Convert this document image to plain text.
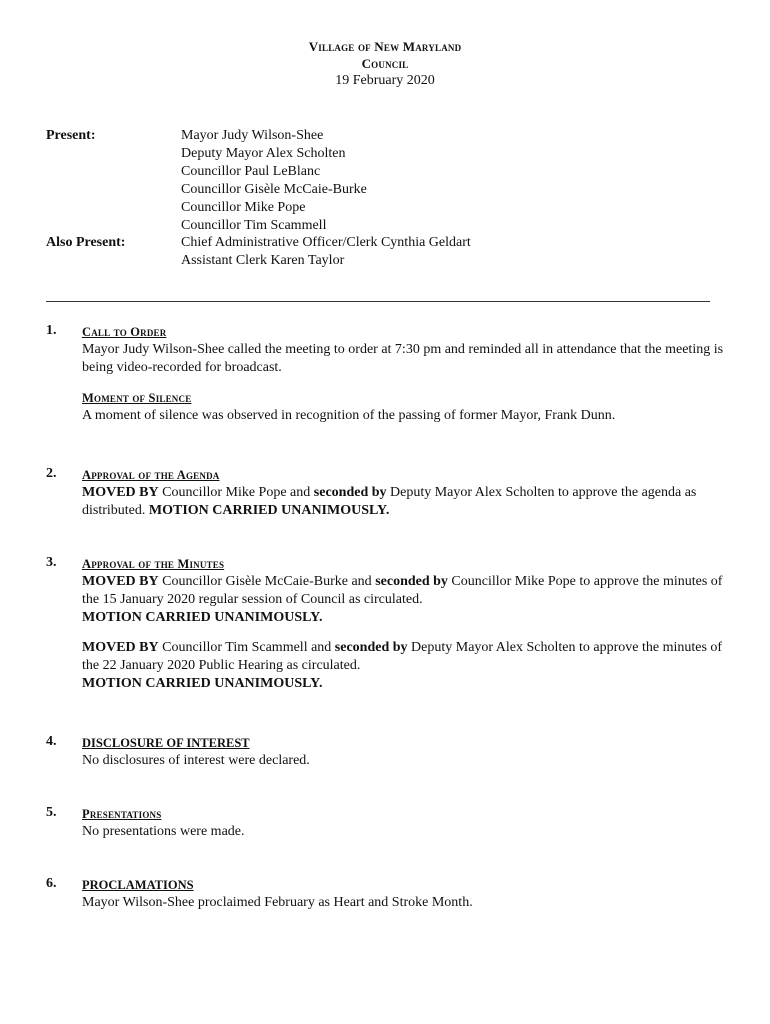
Village of New Maryland
Council
19 February 2020
Present:	Mayor Judy Wilson-Shee
Deputy Mayor Alex Scholten
Councillor Paul LeBlanc
Councillor Gisèle McCaie-Burke
Councillor Mike Pope
Councillor Tim Scammell
Also Present:	Chief Administrative Officer/Clerk Cynthia Geldart
Assistant Clerk Karen Taylor
1. Call to Order

Mayor Judy Wilson-Shee called the meeting to order at 7:30 pm and reminded all in attendance that the meeting is being video-recorded for broadcast.

Moment of Silence

A moment of silence was observed in recognition of the passing of former Mayor, Frank Dunn.

2. Approval of the Agenda

MOVED BY Councillor Mike Pope and seconded by Deputy Mayor Alex Scholten to approve the agenda as distributed. MOTION CARRIED UNANIMOUSLY.

3. Approval of the Minutes

MOVED BY Councillor Gisèle McCaie-Burke and seconded by Councillor Mike Pope to approve the minutes of the 15 January 2020 regular session of Council as circulated.

MOTION CARRIED UNANIMOUSLY.

MOVED BY Councillor Tim Scammell and seconded by Deputy Mayor Alex Scholten to approve the minutes of the 22 January 2020 Public Hearing as circulated.

MOTION CARRIED UNANIMOUSLY.

4. DISCLOSURE OF INTEREST

No disclosures of interest were declared.

5. Presentations

No presentations were made.

6. PROCLAMATIONS

Mayor Wilson-Shee proclaimed February as Heart and Stroke Month.
